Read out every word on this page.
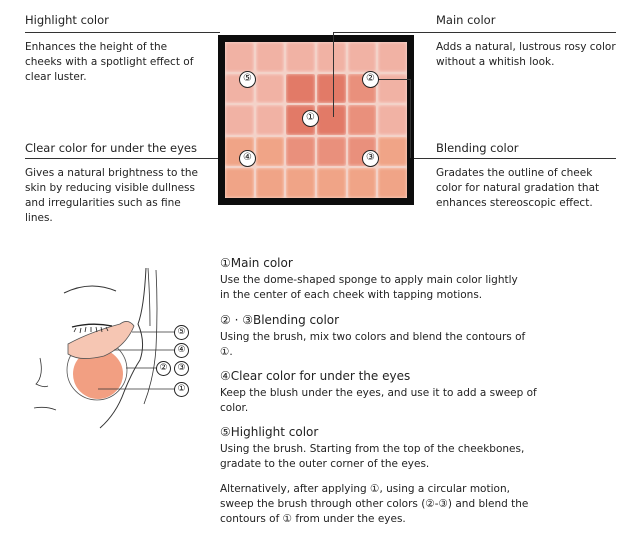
Highlight color
Enhances the height of the cheeks with a spotlight effect of clear luster.
Main color
Adds a natural, lustrous rosy color without a whitish look.
Clear color for under the eyes
Gives a natural brightness to the skin by reducing visible dullness and irregularities such as fine lines.
Blending color
Gradates the outline of cheek color for natural gradation that enhances stereoscopic effect.
⑤	②
①
④	③
⑤
④
②	③
①
①Main color
Use the dome-shaped sponge to apply main color lightly in the center of each cheek with tapping motions.
② · ③Blending color
Using the brush, mix two colors and blend the contours of ①.
④Clear color for under the eyes
Keep the blush under the eyes, and use it to add a sweep of color.
⑤Highlight color
Using the brush. Starting from the top of the cheekbones, gradate to the outer corner of the eyes.
Alternatively, after applying ①, using a circular motion, sweep the brush through other colors (②-③) and blend the contours of ① from under the eyes.
